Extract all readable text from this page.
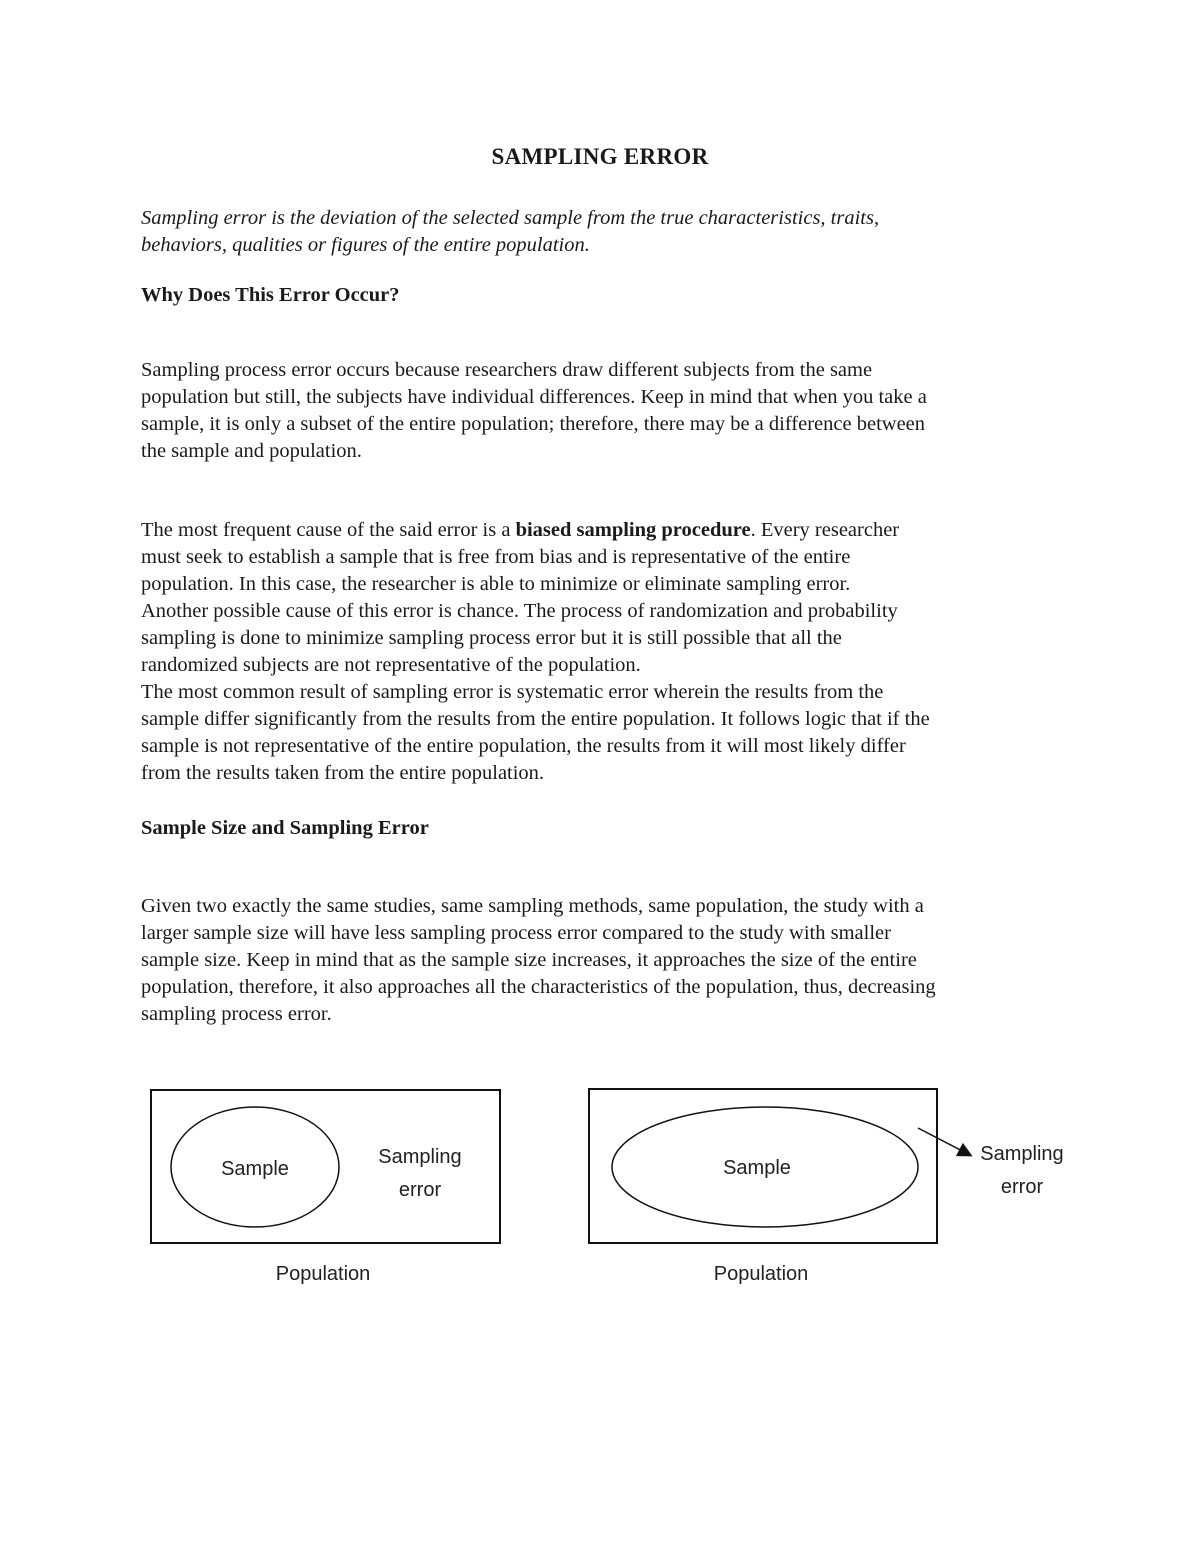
SAMPLING ERROR

Sampling error is the deviation of the selected sample from the true characteristics, traits,
behaviors, qualities or figures of the entire population.

Why Does This Error Occur?

Sampling process error occurs because researchers draw different subjects from the same
population but still, the subjects have individual differences. Keep in mind that when you take a
sample, it is only a subset of the entire population; therefore, there may be a difference between
the sample and population.

The most frequent cause of the said error is a biased sampling procedure. Every researcher
must seek to establish a sample that is free from bias and is representative of the entire
population. In this case, the researcher is able to minimize or eliminate sampling error.
Another possible cause of this error is chance. The process of randomization and probability
sampling is done to minimize sampling process error but it is still possible that all the
randomized subjects are not representative of the population.
The most common result of sampling error is systematic error wherein the results from the
sample differ significantly from the results from the entire population. It follows logic that if the
sample is not representative of the entire population, the results from it will most likely differ
from the results taken from the entire population.

Sample Size and Sampling Error

Given two exactly the same studies, same sampling methods, same population, the study with a
larger sample size will have less sampling process error compared to the study with smaller
sample size. Keep in mind that as the sample size increases, it approaches the size of the entire
population, therefore, it also approaches all the characteristics of the population, thus, decreasing
sampling process error.

Sample
Sampling
error
Population
Sample
Sampling
error
Population
